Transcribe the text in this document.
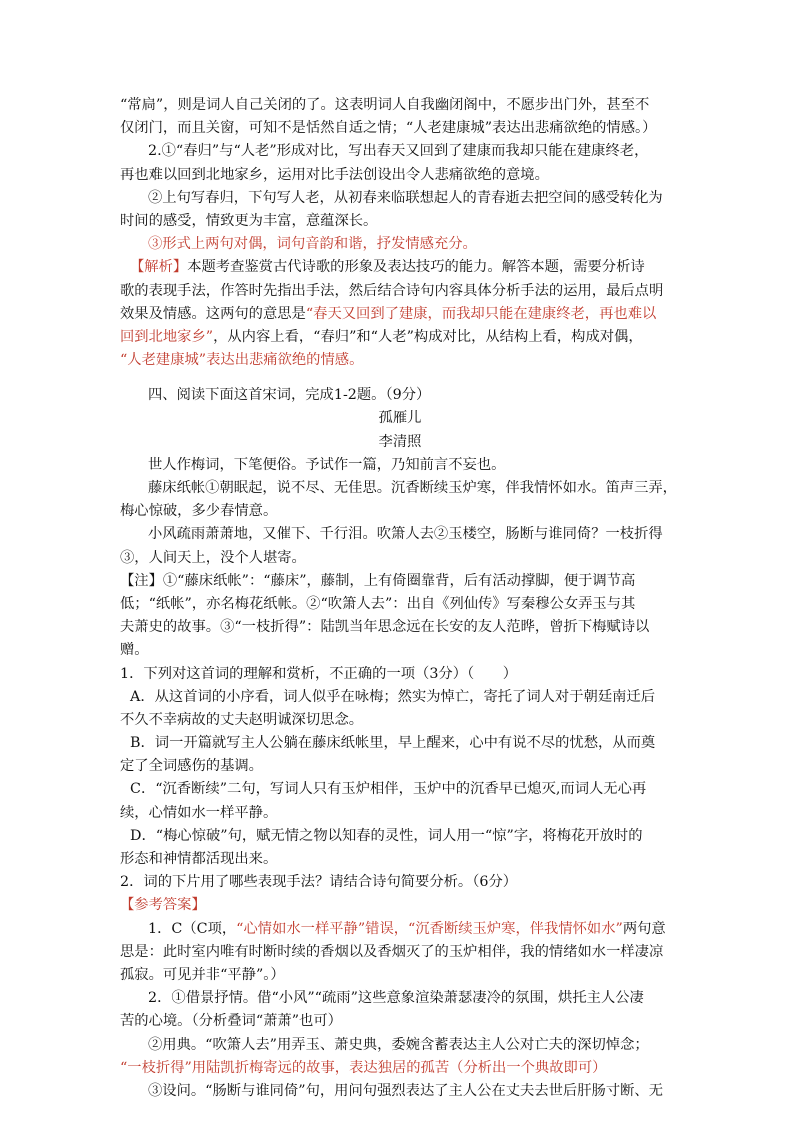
“常扃”，则是词人自己关闭的了。这表明词人自我幽闭阁中，不愿步出门外，甚至不
仅闭门，而且关窗，可知不是恬然自适之情；“人老建康城”表达出悲痛欲绝的情感。）
2.①“春归”与“人老”形成对比，写出春天又回到了建康而我却只能在建康终老，
再也难以回到北地家乡，运用对比手法创设出令人悲痛欲绝的意境。
②上句写春归，下句写人老，从初春来临联想起人的青春逝去把空间的感受转化为
时间的感受，情致更为丰富，意蕴深长。
③形式上两句对偶，词句音韵和谐，抒发情感充分。
【解析】本题考查鉴赏古代诗歌的形象及表达技巧的能力。解答本题，需要分析诗
歌的表现手法，作答时先指出手法，然后结合诗句内容具体分析手法的运用，最后点明
效果及情感。这两句的意思是“春天又回到了建康，而我却只能在建康终老，再也难以
回到北地家乡”，从内容上看，“春归”和“人老”构成对比，从结构上看，构成对偶，
“人老建康城”表达出悲痛欲绝的情感。
四、阅读下面这首宋词，完成1-2题。（9分）
孤雁儿
李清照
世人作梅词，下笔便俗。予试作一篇，乃知前言不妄也。
藤床纸帐①朝眠起，说不尽、无佳思。沉香断续玉炉寒，伴我情怀如水。笛声三弄，
梅心惊破，多少春情意。
小风疏雨萧萧地，又催下、千行泪。吹箫人去②玉楼空，肠断与谁同倚？一枝折得
③，人间天上，没个人堪寄。
【注】①“藤床纸帐”：“藤床”，藤制，上有倚圈靠背，后有活动撑脚，便于调节高
低；“纸帐”，亦名梅花纸帐。②“吹箫人去”：出自《列仙传》写秦穆公女弄玉与其
夫萧史的故事。③“一枝折得”：陆凯当年思念远在长安的友人范晔，曾折下梅赋诗以
赠。
1．下列对这首词的理解和赏析，不正确的一项（3分）（　　）
A．从这首词的小序看，词人似乎在咏梅；然实为悼亡，寄托了词人对于朝廷南迁后
不久不幸病故的丈夫赵明诚深切思念。
B．词一开篇就写主人公躺在藤床纸帐里，早上醒来，心中有说不尽的忧愁，从而奠
定了全词感伤的基调。
C．“沉香断续”二句，写词人只有玉炉相伴，玉炉中的沉香早已熄灭,而词人无心再
续，心情如水一样平静。
D．“梅心惊破”句，赋无情之物以知春的灵性，词人用一“惊”字，将梅花开放时的
形态和神情都活现出来。
2．词的下片用了哪些表现手法？请结合诗句简要分析。（6分）
【参考答案】
1．C（C项，“心情如水一样平静”错误，“沉香断续玉炉寒，伴我情怀如水”两句意
思是：此时室内唯有时断时续的香烟以及香烟灭了的玉炉相伴，我的情绪如水一样凄凉
孤寂。可见并非“平静”。）
2．①借景抒情。借“小风”“疏雨”这些意象渲染萧瑟凄冷的氛围，烘托主人公凄
苦的心境。（分析叠词“萧萧”也可）
②用典。“吹箫人去”用弄玉、萧史典，委婉含蓄表达主人公对亡夫的深切悼念；
“一枝折得”用陆凯折梅寄远的故事，表达独居的孤苦（分析出一个典故即可）
③设问。“肠断与谁同倚”句，用问句强烈表达了主人公在丈夫去世后肝肠寸断、无
